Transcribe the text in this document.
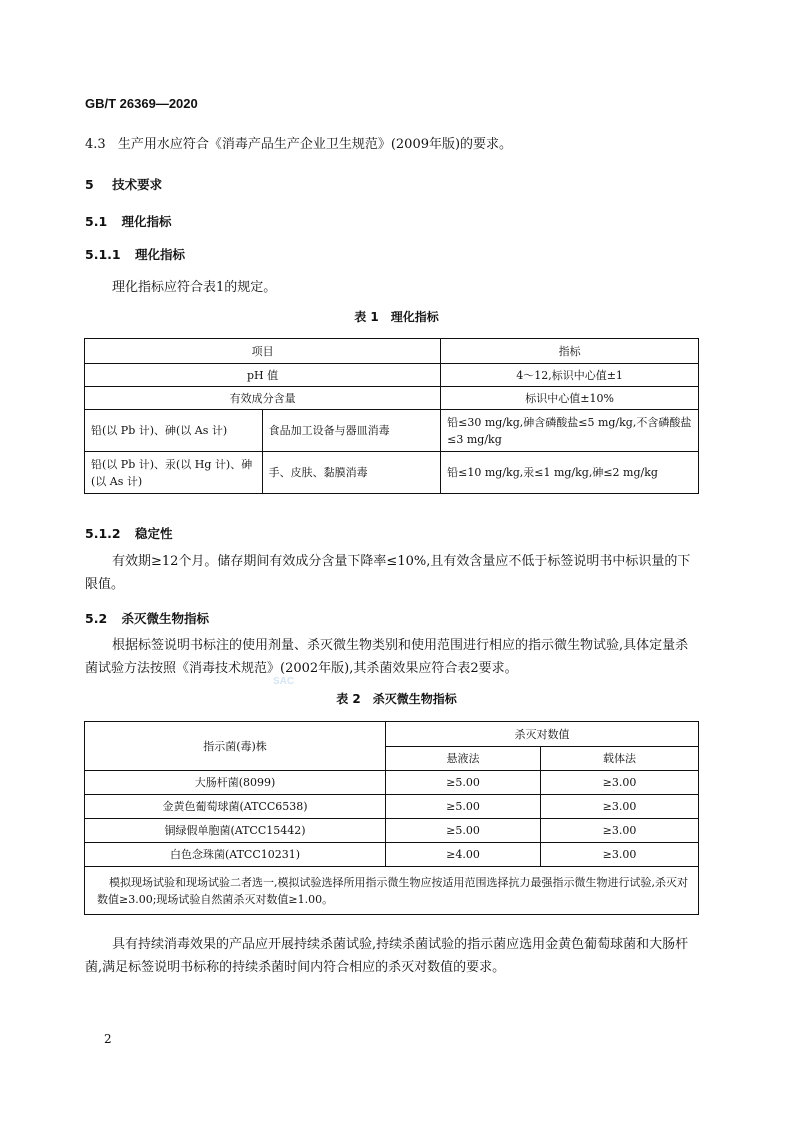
GB/T 26369—2020
4.3 生产用水应符合《消毒产品生产企业卫生规范》(2009年版)的要求。
5 技术要求
5.1 理化指标
5.1.1 理化指标
理化指标应符合表1的规定。
表 1　理化指标
项目		指标
pH 值		4～12,标识中心值±1
有效成分含量		标识中心值±10%
铅(以 Pb 计)、砷(以 As 计)	食品加工设备与器皿消毒	铅≤30 mg/kg,砷含磷酸盐≤5 mg/kg,不含磷酸盐≤3 mg/kg
铅(以 Pb 计)、汞(以 Hg 计)、砷(以 As 计)	手、皮肤、黏膜消毒	铅≤10 mg/kg,汞≤1 mg/kg,砷≤2 mg/kg
5.1.2 稳定性
有效期≥12个月。储存期间有效成分含量下降率≤10%,且有效含量应不低于标签说明书中标识量的下限值。
5.2 杀灭微生物指标
根据标签说明书标注的使用剂量、杀灭微生物类别和使用范围进行相应的指示微生物试验,具体定量杀菌试验方法按照《消毒技术规范》(2002年版),其杀菌效果应符合表2要求。
SAC
表 2　杀灭微生物指标
指示菌(毒)株	杀灭对数值	
	悬液法	载体法
大肠杆菌(8099)	≥5.00	≥3.00
金黄色葡萄球菌(ATCC6538)	≥5.00	≥3.00
铜绿假单胞菌(ATCC15442)	≥5.00	≥3.00
白色念珠菌(ATCC10231)	≥4.00	≥3.00
模拟现场试验和现场试验二者选一,模拟试验选择所用指示微生物应按适用范围选择抗力最强指示微生物进行试验,杀灭对数值≥3.00;现场试验自然菌杀灭对数值≥1.00。		
具有持续消毒效果的产品应开展持续杀菌试验,持续杀菌试验的指示菌应选用金黄色葡萄球菌和大肠杆菌,满足标签说明书标称的持续杀菌时间内符合相应的杀灭对数值的要求。
2
